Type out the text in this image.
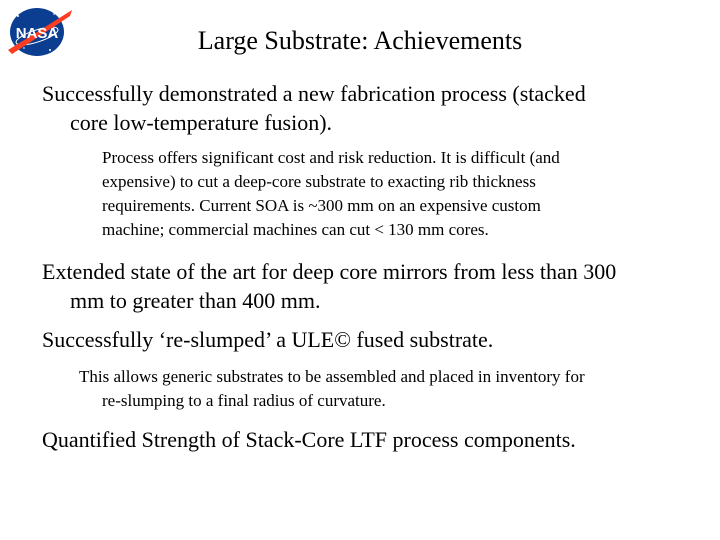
NASA	Large Substrate: Achievements
Successfully demonstrated a new fabrication process (stacked
core low-temperature fusion).
Process offers significant cost and risk reduction. It is difficult (and
expensive) to cut a deep-core substrate to exacting rib thickness
requirements. Current SOA is ~300 mm on an expensive custom
machine; commercial machines can cut < 130 mm cores.
Extended state of the art for deep core mirrors from less than 300
mm to greater than 400 mm.
Successfully ‘re-slumped’ a ULE© fused substrate.
This allows generic substrates to be assembled and placed in inventory for
re-slumping to a final radius of curvature.
Quantified Strength of Stack-Core LTF process components.
